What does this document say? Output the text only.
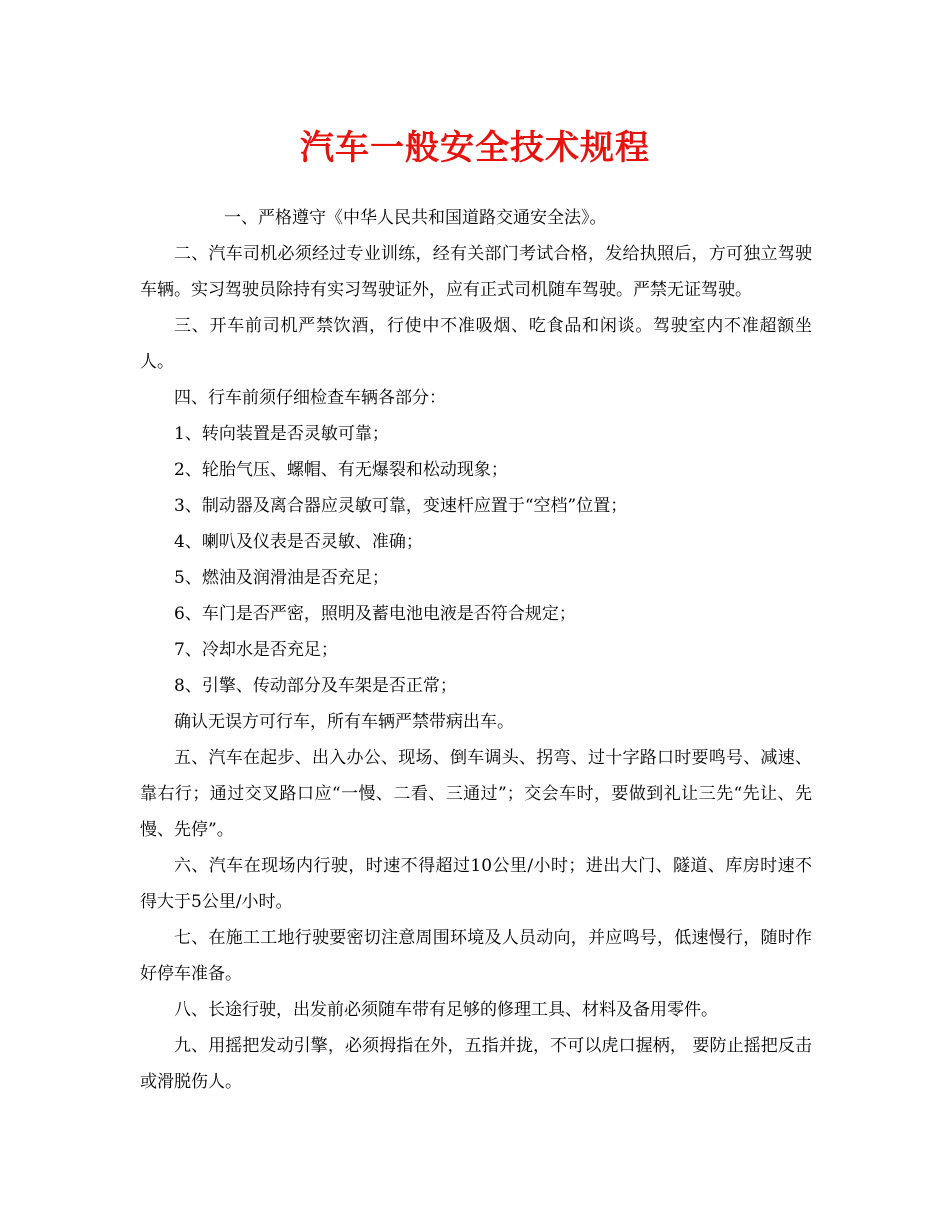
汽车一般安全技术规程

一、严格遵守《中华人民共和国道路交通安全法》。

二、汽车司机必须经过专业训练，经有关部门考试合格，发给执照后，方可独立驾驶车辆。实习驾驶员除持有实习驾驶证外，应有正式司机随车驾驶。严禁无证驾驶。

三、开车前司机严禁饮酒，行使中不准吸烟、吃食品和闲谈。驾驶室内不准超额坐人。

四、行车前须仔细检查车辆各部分：

1、转向装置是否灵敏可靠；

2、轮胎气压、螺帽、有无爆裂和松动现象；

3、制动器及离合器应灵敏可靠，变速杆应置于“空档”位置；

4、喇叭及仪表是否灵敏、准确；

5、燃油及润滑油是否充足；

6、车门是否严密，照明及蓄电池电液是否符合规定；

7、冷却水是否充足；

8、引擎、传动部分及车架是否正常；

确认无误方可行车，所有车辆严禁带病出车。

五、汽车在起步、出入办公、现场、倒车调头、拐弯、过十字路口时要鸣号、减速、靠右行；通过交叉路口应“一慢、二看、三通过”；交会车时，要做到礼让三先“先让、先慢、先停”。

六、汽车在现场内行驶，时速不得超过10公里/小时；进出大门、隧道、库房时速不得大于5公里/小时。

七、在施工工地行驶要密切注意周围环境及人员动向，并应鸣号，低速慢行，随时作好停车准备。

八、长途行驶，出发前必须随车带有足够的修理工具、材料及备用零件。

九、用摇把发动引擎，必须拇指在外，五指并拢，不可以虎口握柄， 要防止摇把反击或滑脱伤人。
